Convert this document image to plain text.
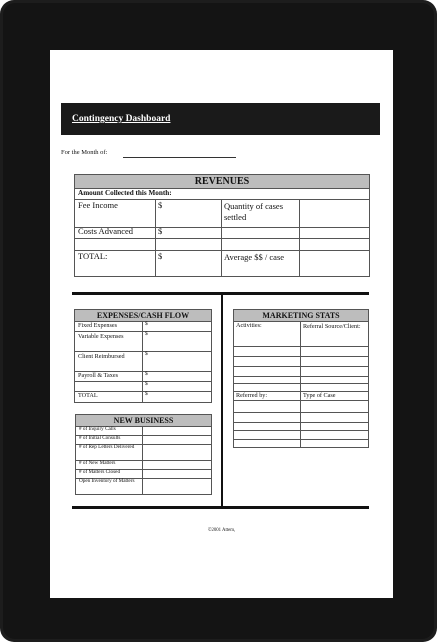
Contingency Dashboard
For the Month of:
REVENUES
Amount Collected this Month:
Fee Income	$	Quantity of cases settled
Costs Advanced	$
TOTAL:	$	Average $$ / case
EXPENSES/CASH FLOW
Fixed Expenses	$
Variable Expenses	$
Client Reimbursed	$
Payroll & Taxes	$
$
TOTAL	$
NEW BUSINESS
# of Inquiry Calls
# of Initial Consults
# of Rep Letters Delivered
# of New Matters
# of Matters Closed
Open Inventory of Matters
MARKETING STATS
Activities:	Referral Source/Client:
Referred by:	Type of Case
©2001 Attem,
